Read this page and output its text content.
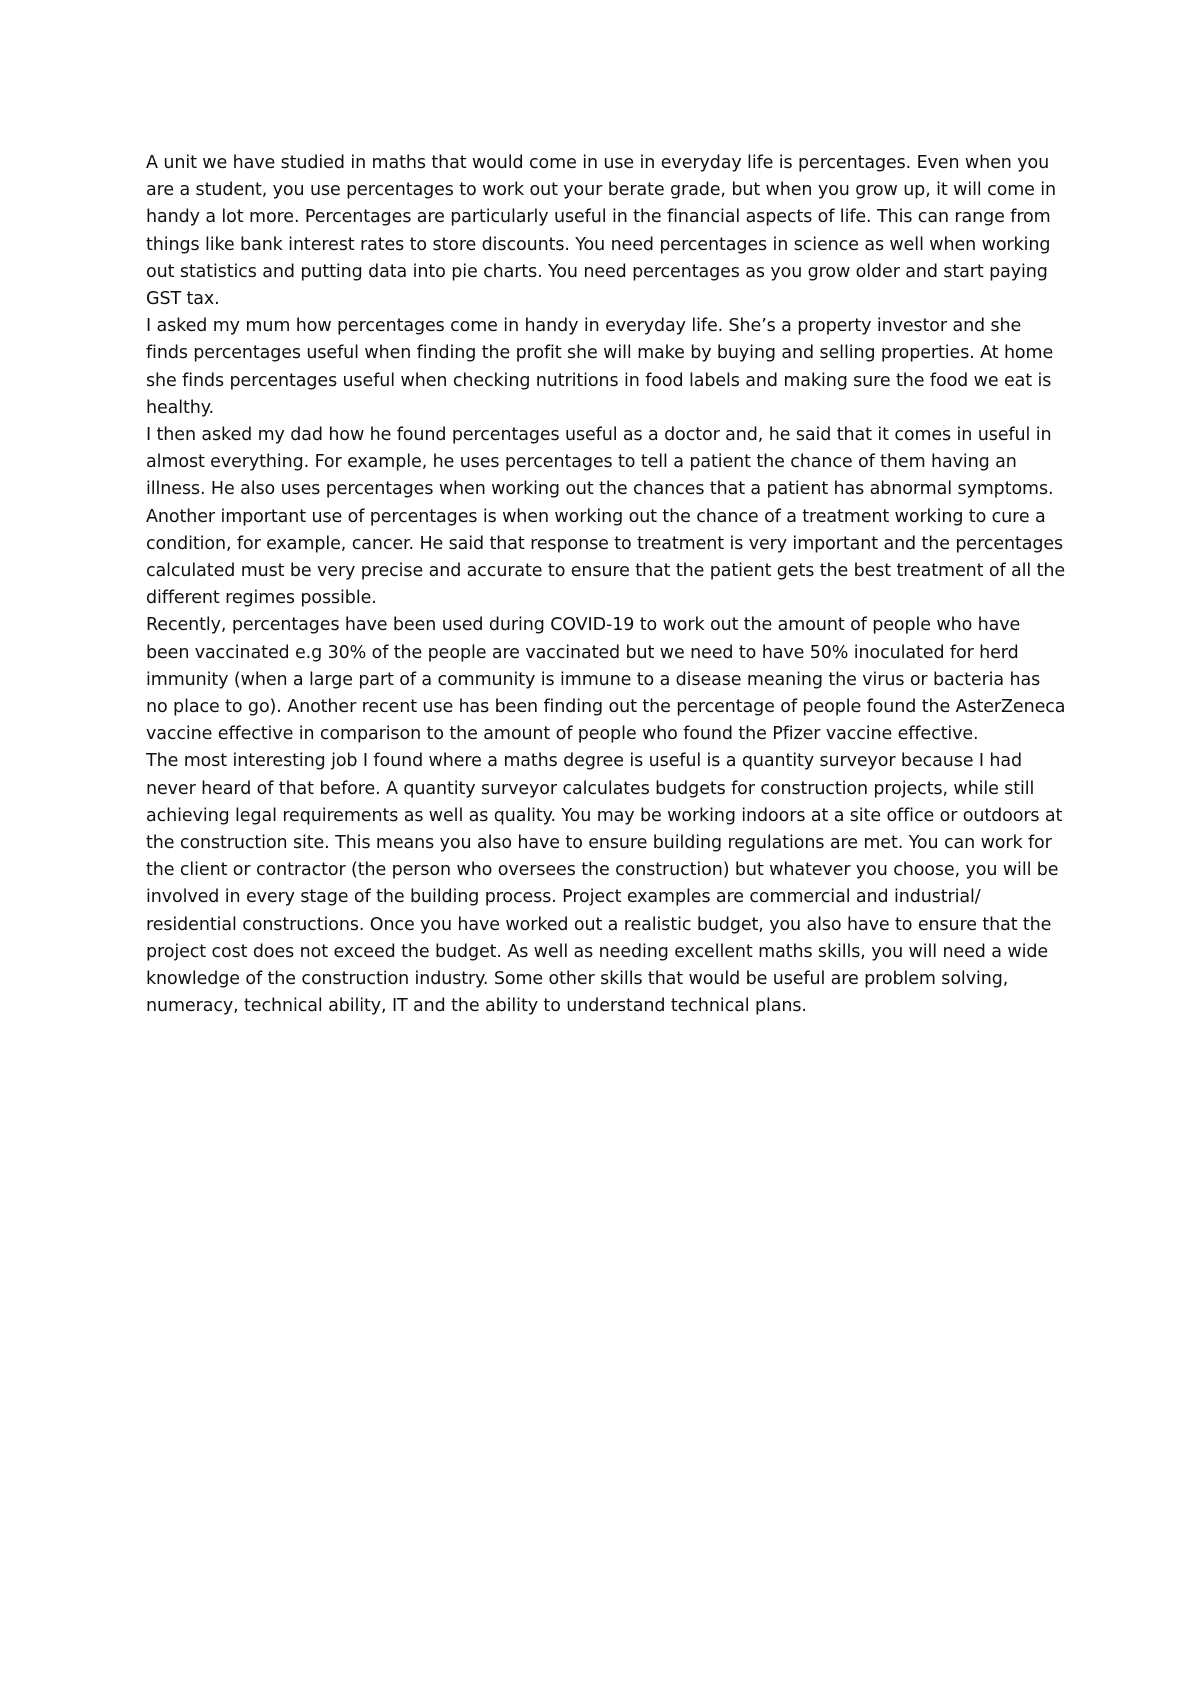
A unit we have studied in maths that would come in use in everyday life is percentages. Even when you are a student, you use percentages to work out your berate grade, but when you grow up, it will come in handy a lot more. Percentages are particularly useful in the financial aspects of life. This can range from things like bank interest rates to store discounts. You need percentages in science as well when working out statistics and putting data into pie charts. You need percentages as you grow older and start paying GST tax.

I asked my mum how percentages come in handy in everyday life. She’s a property investor and she finds percentages useful when finding the profit she will make by buying and selling properties. At home she finds percentages useful when checking nutritions in food labels and making sure the food we eat is healthy.

I then asked my dad how he found percentages useful as a doctor and, he said that it comes in useful in almost everything. For example, he uses percentages to tell a patient the chance of them having an illness. He also uses percentages when working out the chances that a patient has abnormal symptoms. Another important use of percentages is when working out the chance of a treatment working to cure a condition, for example, cancer. He said that response to treatment is very important and the percentages calculated must be very precise and accurate to ensure that the patient gets the best treatment of all the different regimes possible.

Recently, percentages have been used during COVID-19 to work out the amount of people who have been vaccinated e.g 30% of the people are vaccinated but we need to have 50% inoculated for herd immunity (when a large part of a community is immune to a disease meaning the virus or bacteria has no place to go). Another recent use has been finding out the percentage of people found the AsterZeneca vaccine effective in comparison to the amount of people who found the Pfizer vaccine effective.

The most interesting job I found where a maths degree is useful is a quantity surveyor because I had never heard of that before. A quantity surveyor calculates budgets for construction projects, while still achieving legal requirements as well as quality. You may be working indoors at a site office or outdoors at the construction site. This means you also have to ensure building regulations are met. You can work for the client or contractor (the person who oversees the construction) but whatever you choose, you will be involved in every stage of the building process. Project examples are commercial and industrial/ residential constructions. Once you have worked out a realistic budget, you also have to ensure that the project cost does not exceed the budget. As well as needing excellent maths skills, you will need a wide knowledge of the construction industry. Some other skills that would be useful are problem solving, numeracy, technical ability, IT and the ability to understand technical plans.
